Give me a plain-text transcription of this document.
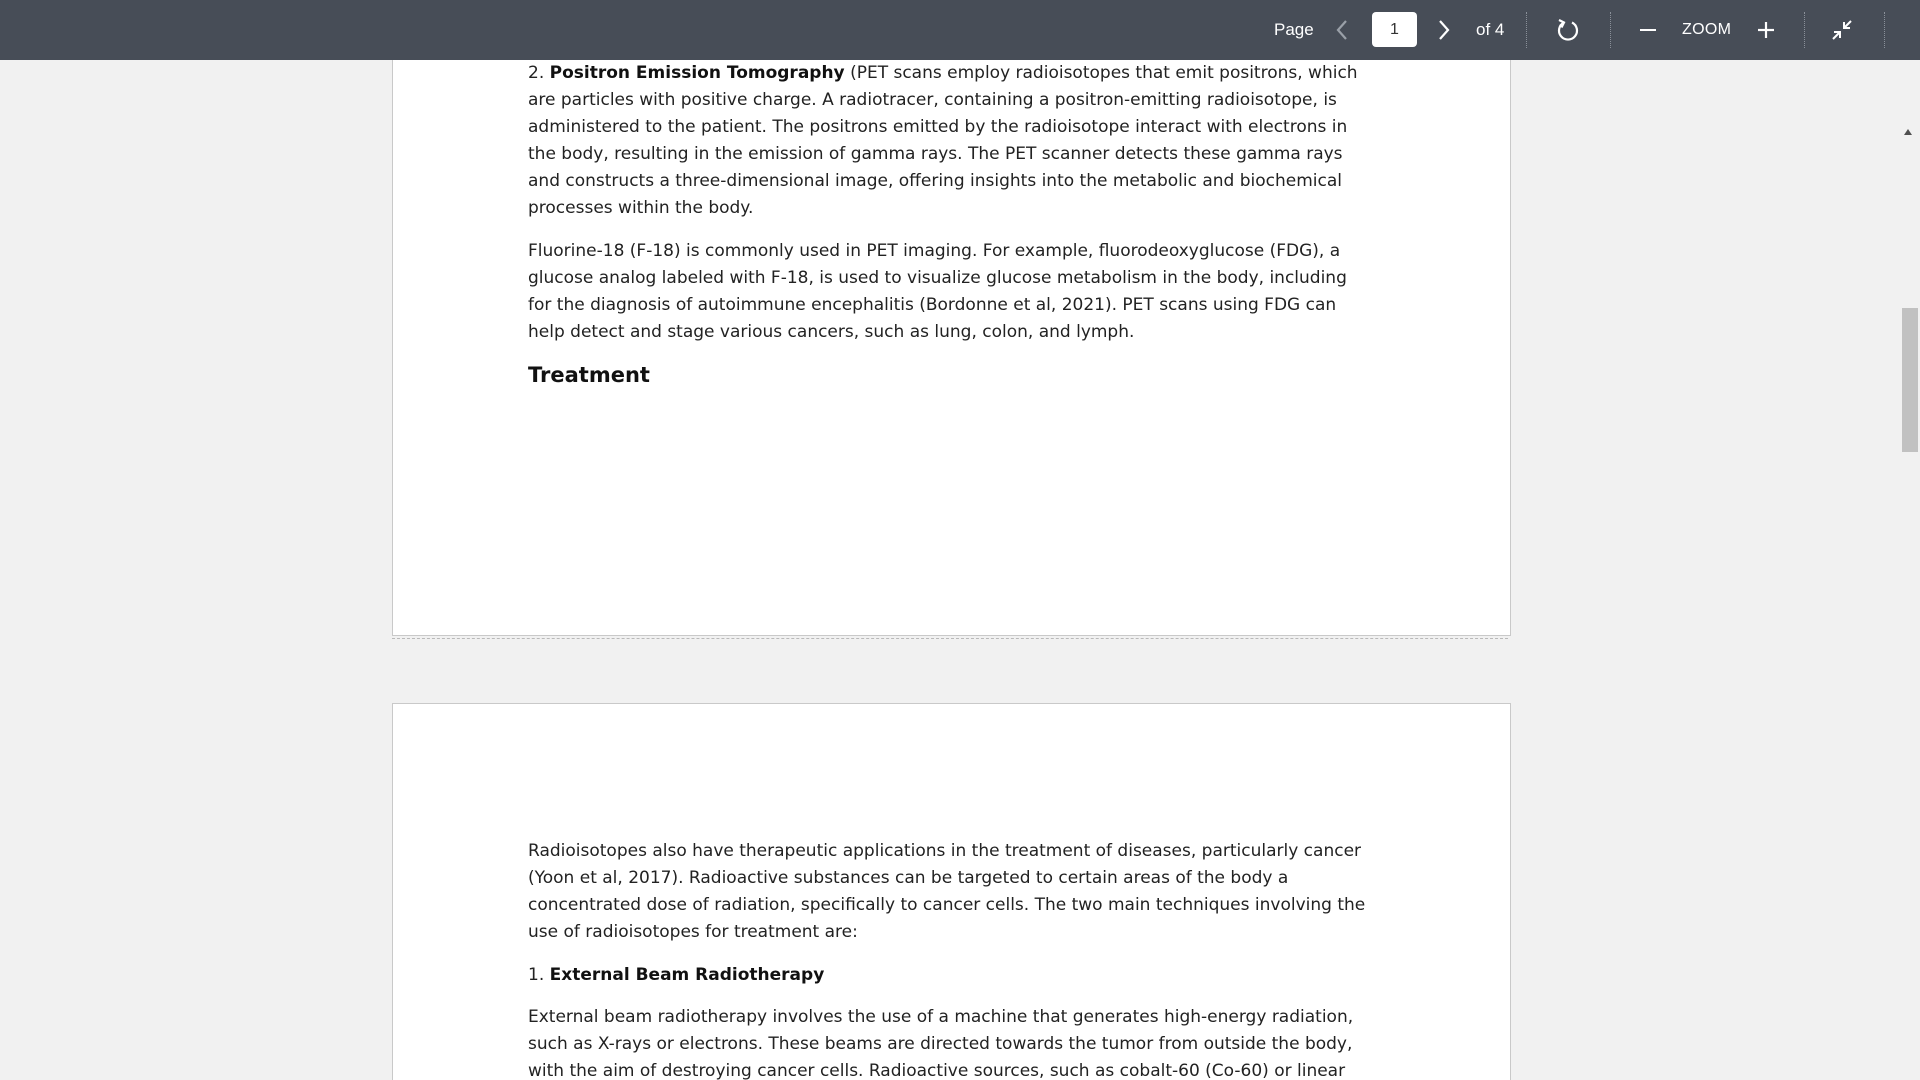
Page
1	of 4	ZOOM

2. Positron Emission Tomography (PET scans employ radioisotopes that emit positrons, which are particles with positive charge. A radiotracer, containing a positron-emitting radioisotope, is administered to the patient. The positrons emitted by the radioisotope interact with electrons in the body, resulting in the emission of gamma rays. The PET scanner detects these gamma rays and constructs a three-dimensional image, offering insights into the metabolic and biochemical processes within the body.

Fluorine-18 (F-18) is commonly used in PET imaging. For example, fluorodeoxyglucose (FDG), a glucose analog labeled with F-18, is used to visualize glucose metabolism in the body, including for the diagnosis of autoimmune encephalitis (Bordonne et al, 2021). PET scans using FDG can help detect and stage various cancers, such as lung, colon, and lymph.

Treatment

Radioisotopes also have therapeutic applications in the treatment of diseases, particularly cancer (Yoon et al, 2017). Radioactive substances can be targeted to certain areas of the body a concentrated dose of radiation, specifically to cancer cells. The two main techniques involving the use of radioisotopes for treatment are:

1. External Beam Radiotherapy

External beam radiotherapy involves the use of a machine that generates high-energy radiation, such as X-rays or electrons. These beams are directed towards the tumor from outside the body, with the aim of destroying cancer cells. Radioactive sources, such as cobalt-60 (Co-60) or linear
